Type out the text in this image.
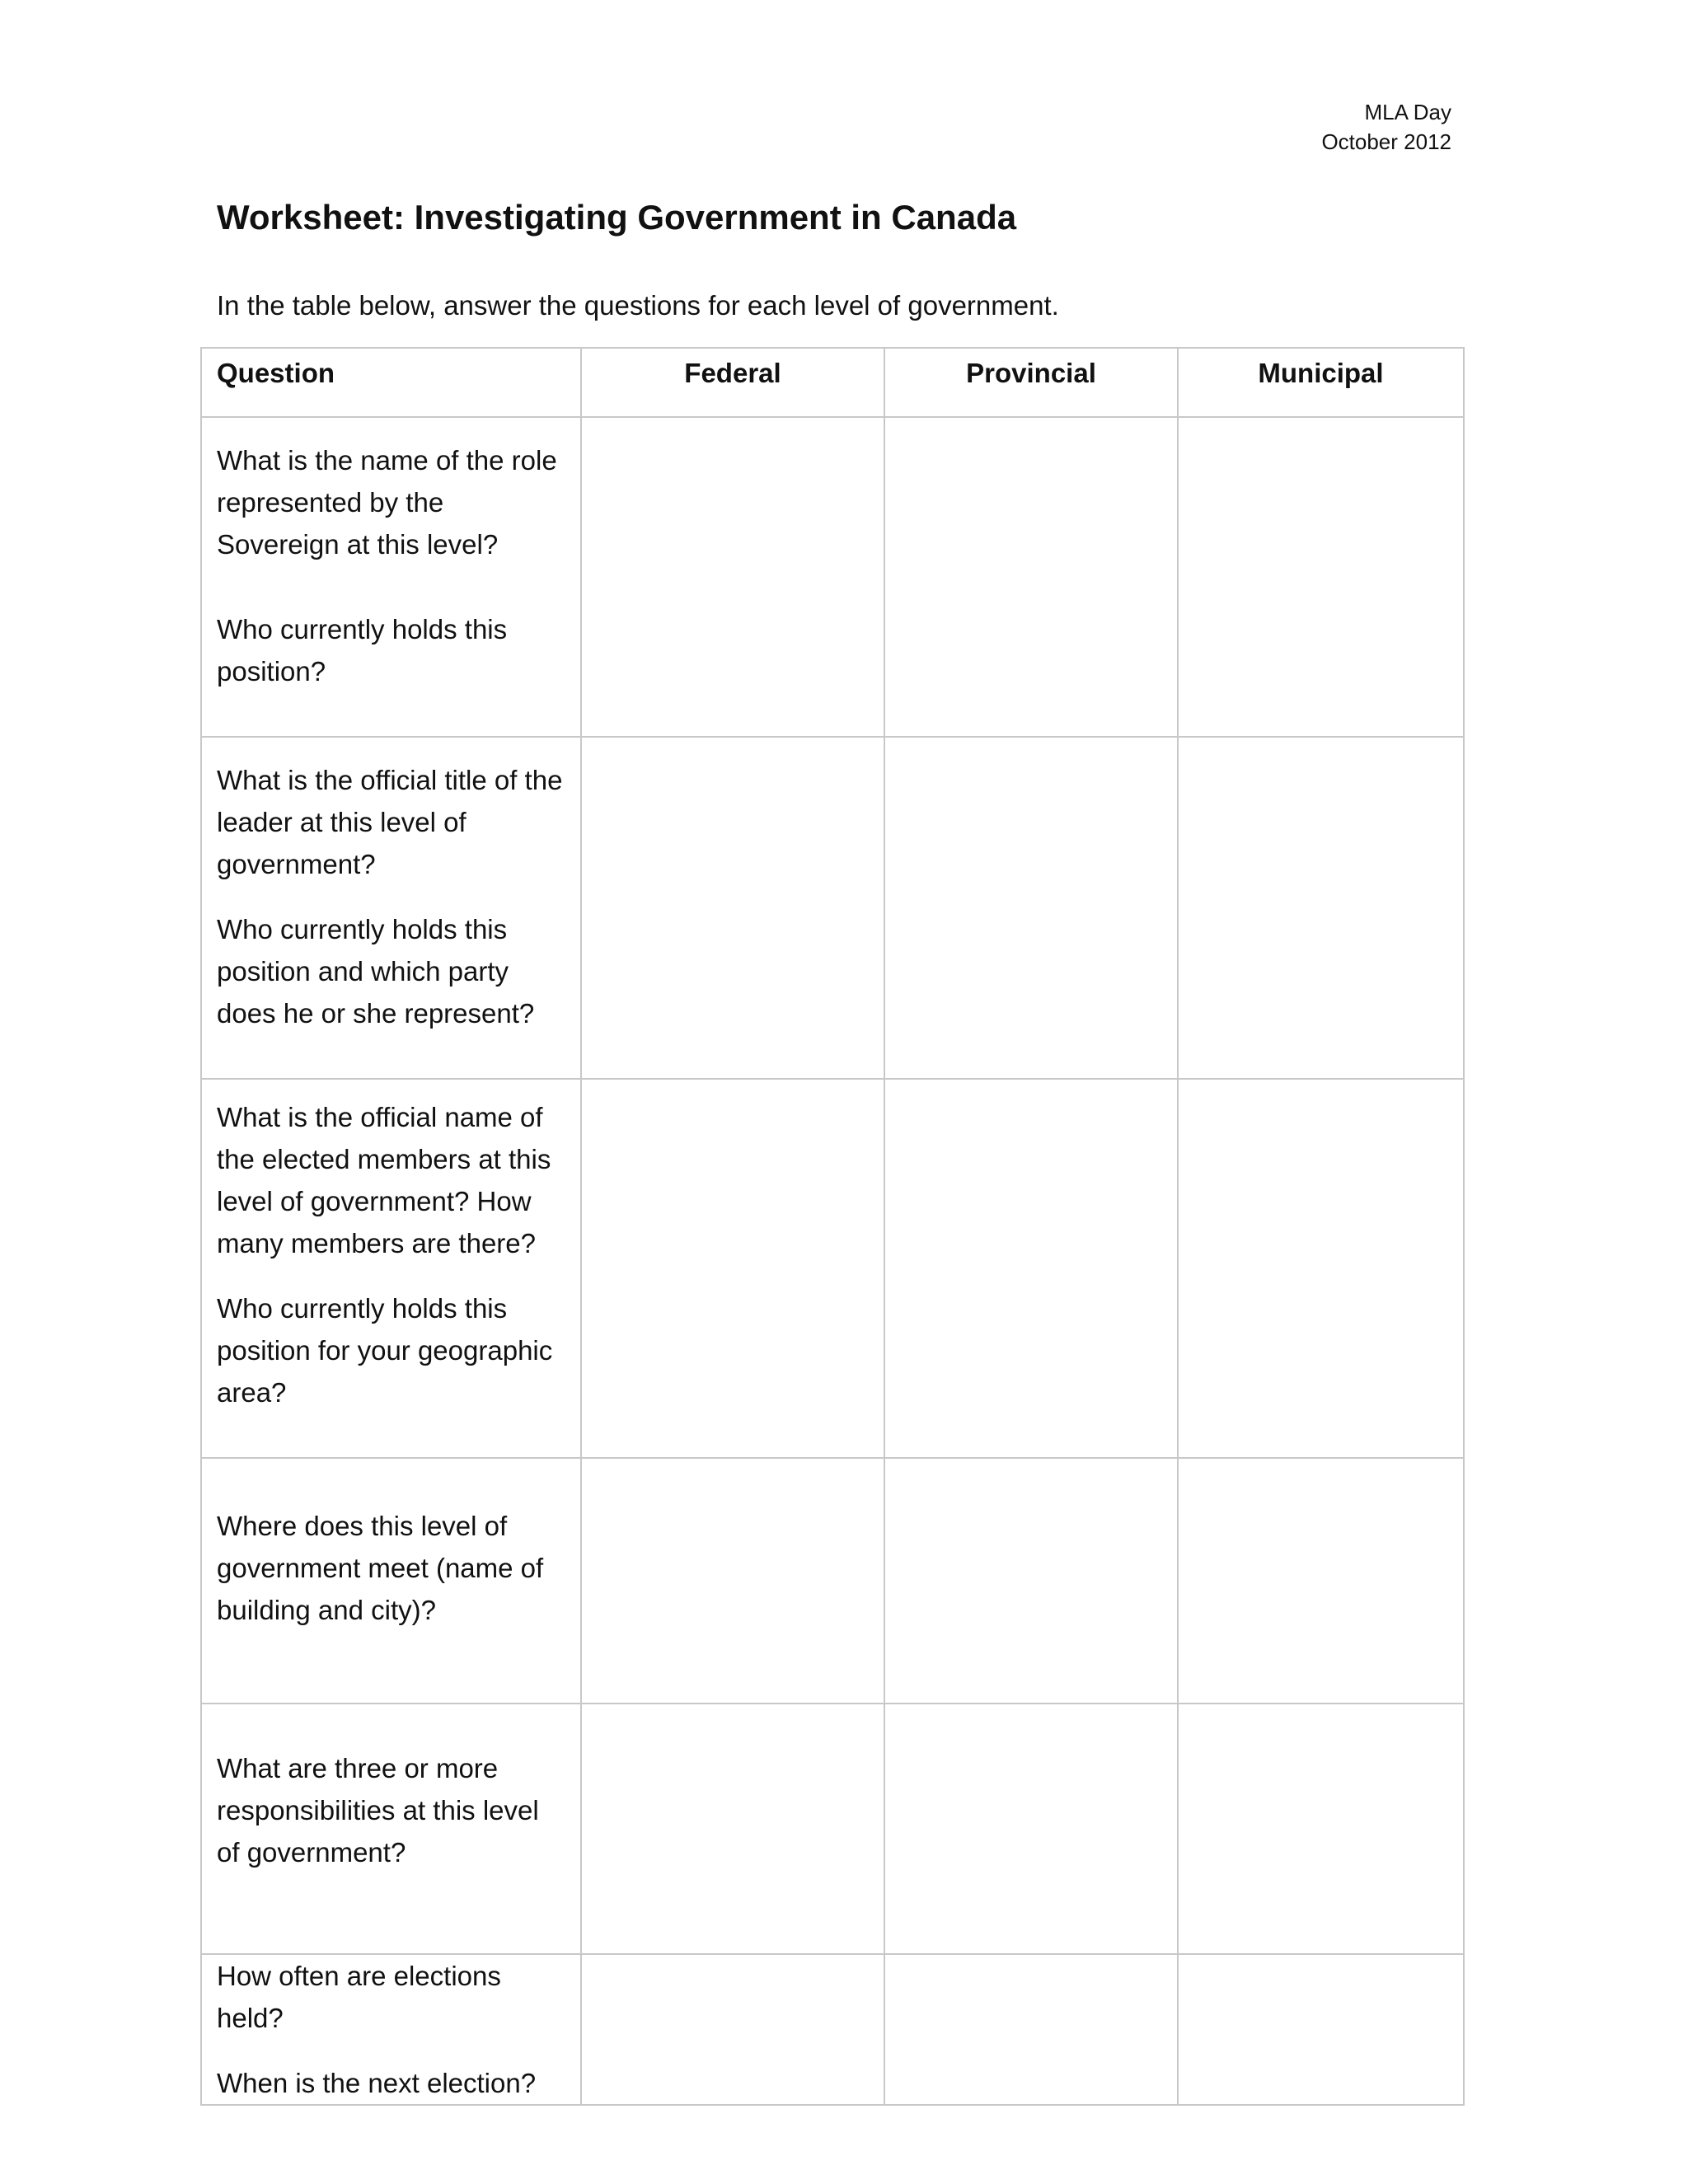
MLA Day
October 2012
Worksheet: Investigating Government in Canada

In the table below, answer the questions for each level of government.

Question	Federal	Provincial	Municipal

What is the name of the role represented by the Sovereign at this level?
Who currently holds this position?			

What is the official title of the leader at this level of government?
Who currently holds this position and which party does he or she represent?			

What is the official name of the elected members at this level of government? How many members are there?
Who currently holds this position for your geographic area?			

Where does this level of government meet (name of building and city)?			

What are three or more responsibilities at this level of government?			

How often are elections held?
When is the next election?			
